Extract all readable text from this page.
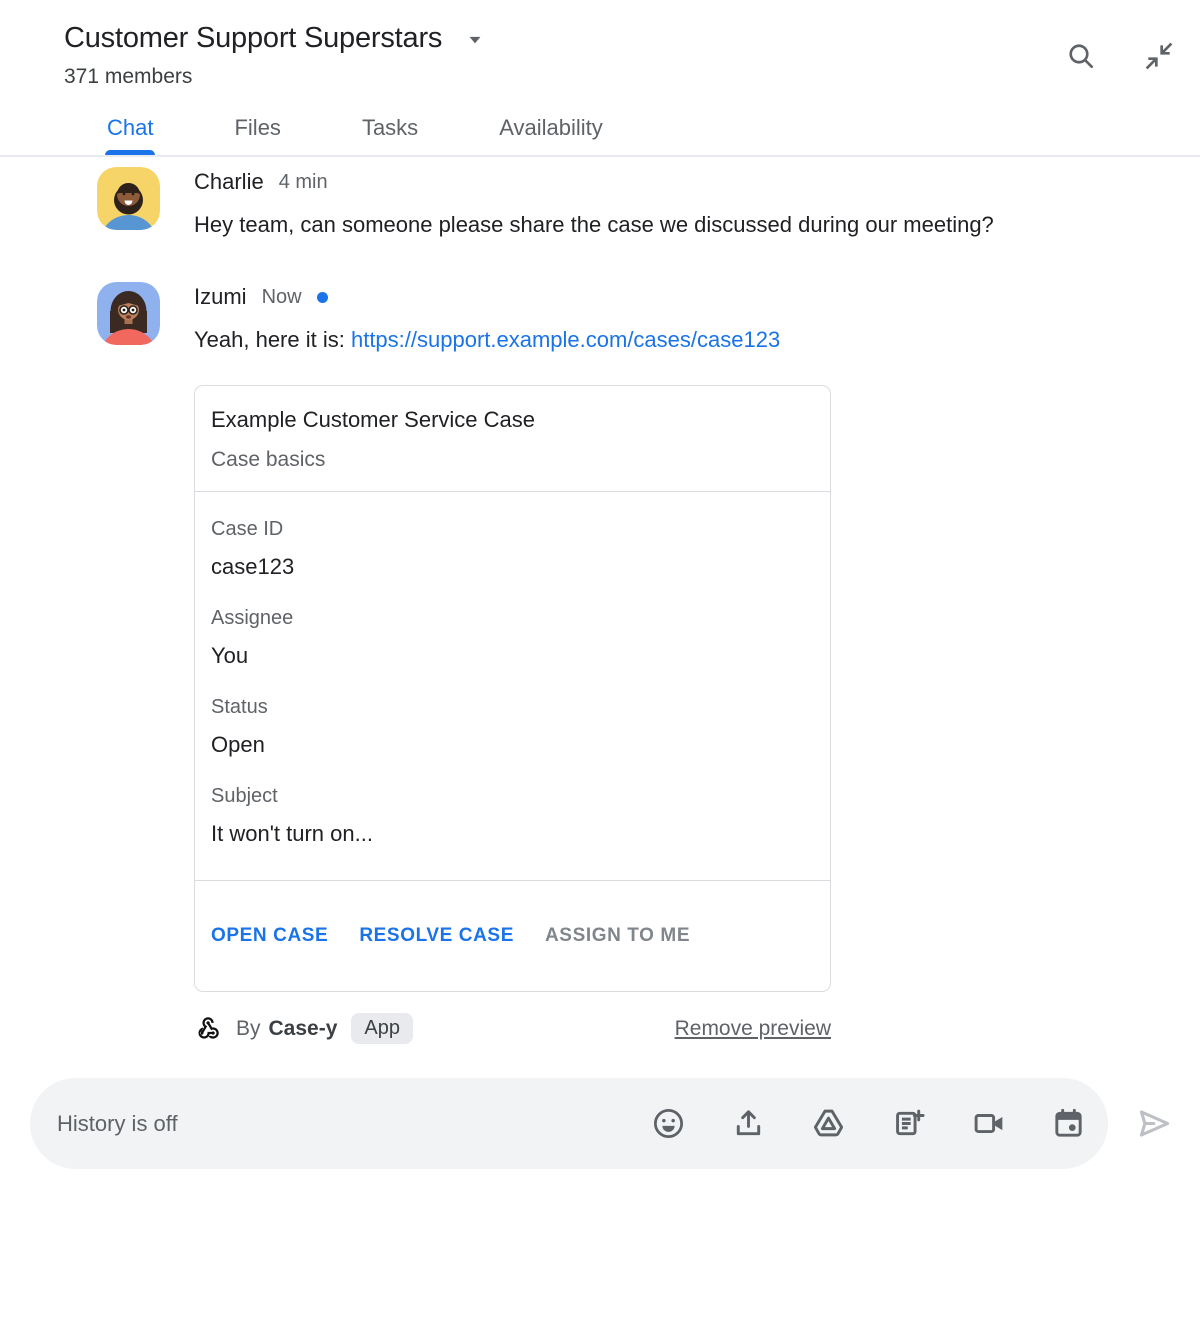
Customer Support Superstars
371 members
Chat	Files	Tasks	Availability
Charlie 4 min
Hey team, can someone please share the case we discussed during our meeting?
Izumi Now
Yeah, here it is: https://support.example.com/cases/case123
Example Customer Service Case
Case basics
Case ID
case123
Assignee
You
Status
Open
Subject
It won't turn on...
OPEN CASE RESOLVE CASE ASSIGN TO ME
By Case-y	App	Remove preview
History is off
